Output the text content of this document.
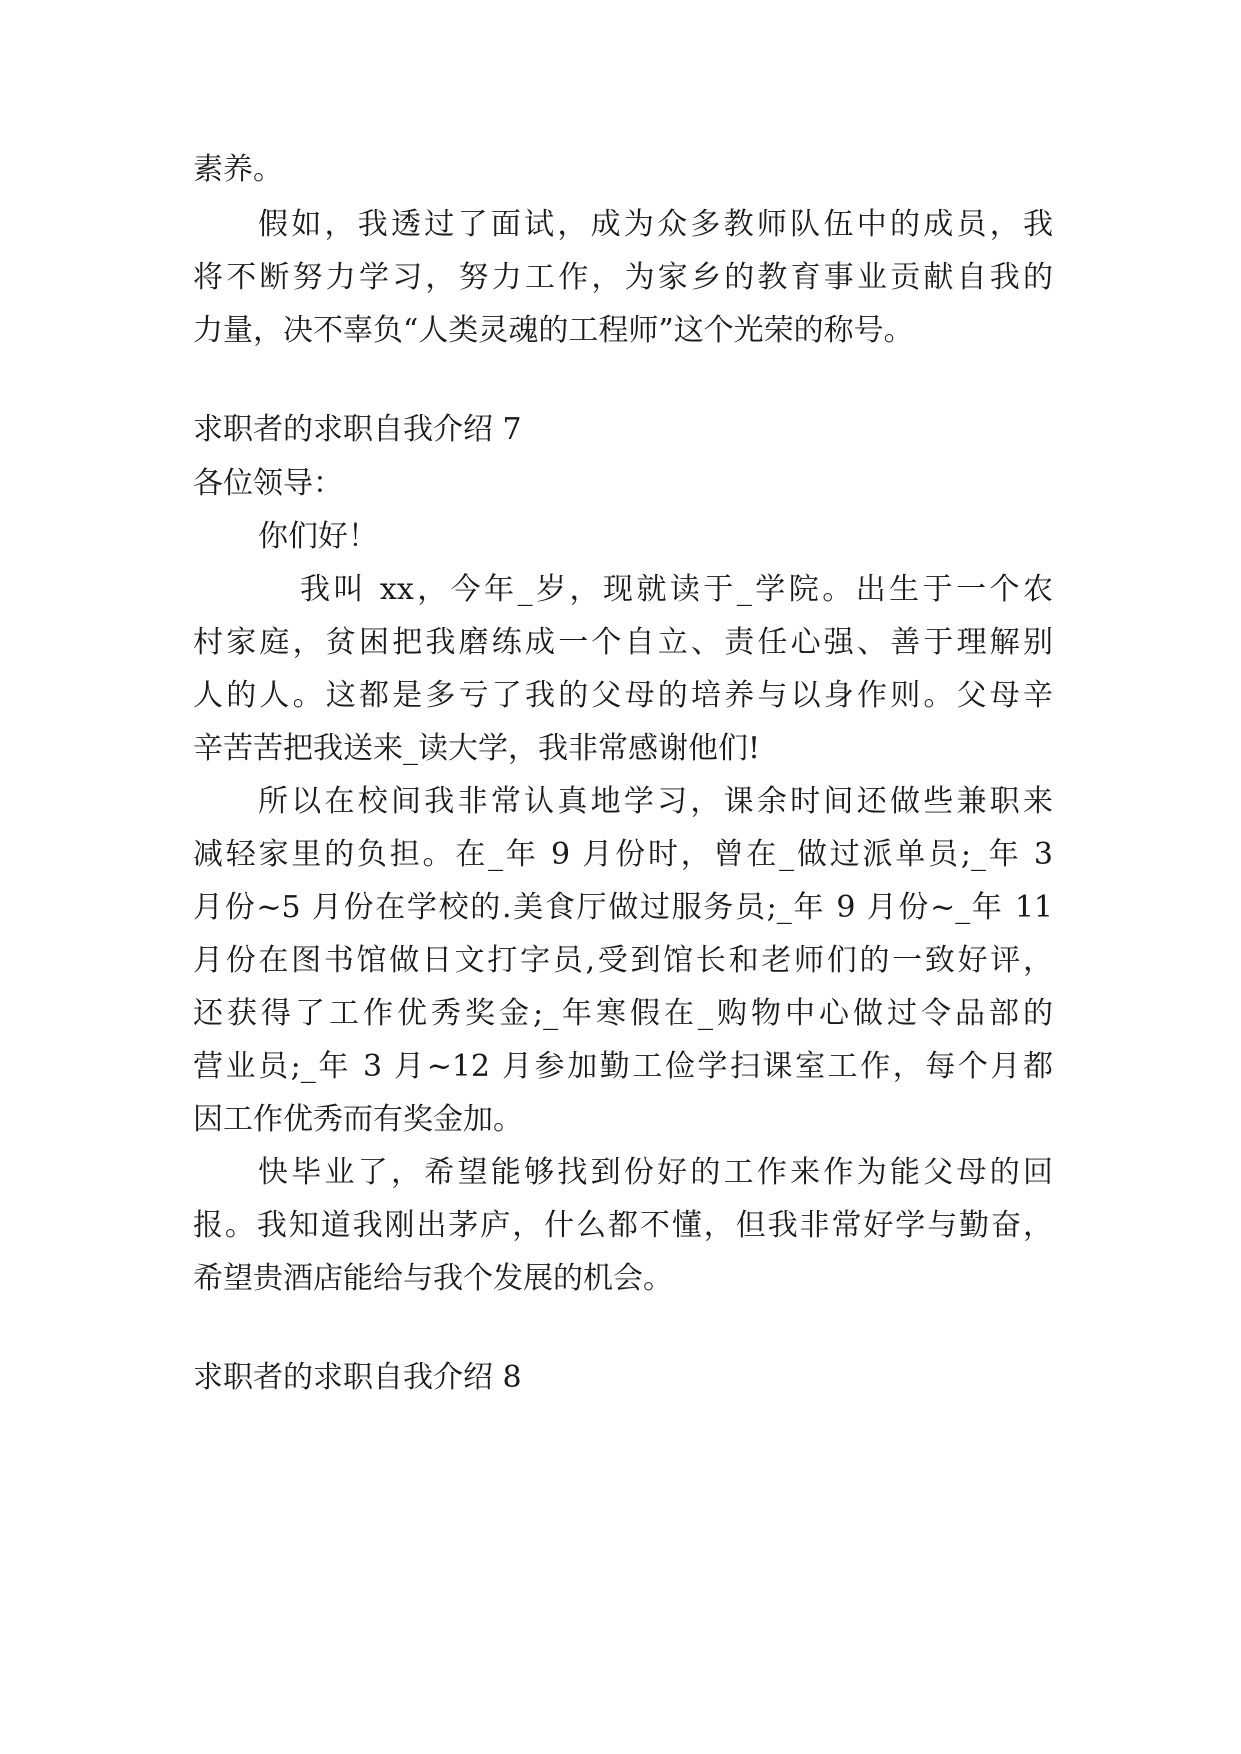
素养。
假如，我透过了面试，成为众多教师队伍中的成员，我
将不断努力学习，努力工作，为家乡的教育事业贡献自我的
力量，决不辜负“人类灵魂的工程师”这个光荣的称号。
求职者的求职自我介绍 7
各位领导：
你们好！
我叫 xx，今年_岁，现就读于_学院。出生于一个农
村家庭，贫困把我磨练成一个自立、责任心强、善于理解别
人的人。这都是多亏了我的父母的培养与以身作则。父母辛
辛苦苦把我送来_读大学，我非常感谢他们!
所以在校间我非常认真地学习，课余时间还做些兼职来
减轻家里的负担。在_年 9 月份时，曾在_做过派单员;_年 3
月份~5 月份在学校的.美食厅做过服务员;_年 9 月份~_年 11
月份在图书馆做日文打字员,受到馆长和老师们的一致好评，
还获得了工作优秀奖金;_年寒假在_购物中心做过令品部的
营业员;_年 3 月~12 月参加勤工俭学扫课室工作，每个月都
因工作优秀而有奖金加。
快毕业了，希望能够找到份好的工作来作为能父母的回
报。我知道我刚出茅庐，什么都不懂，但我非常好学与勤奋，
希望贵酒店能给与我个发展的机会。
求职者的求职自我介绍 8
